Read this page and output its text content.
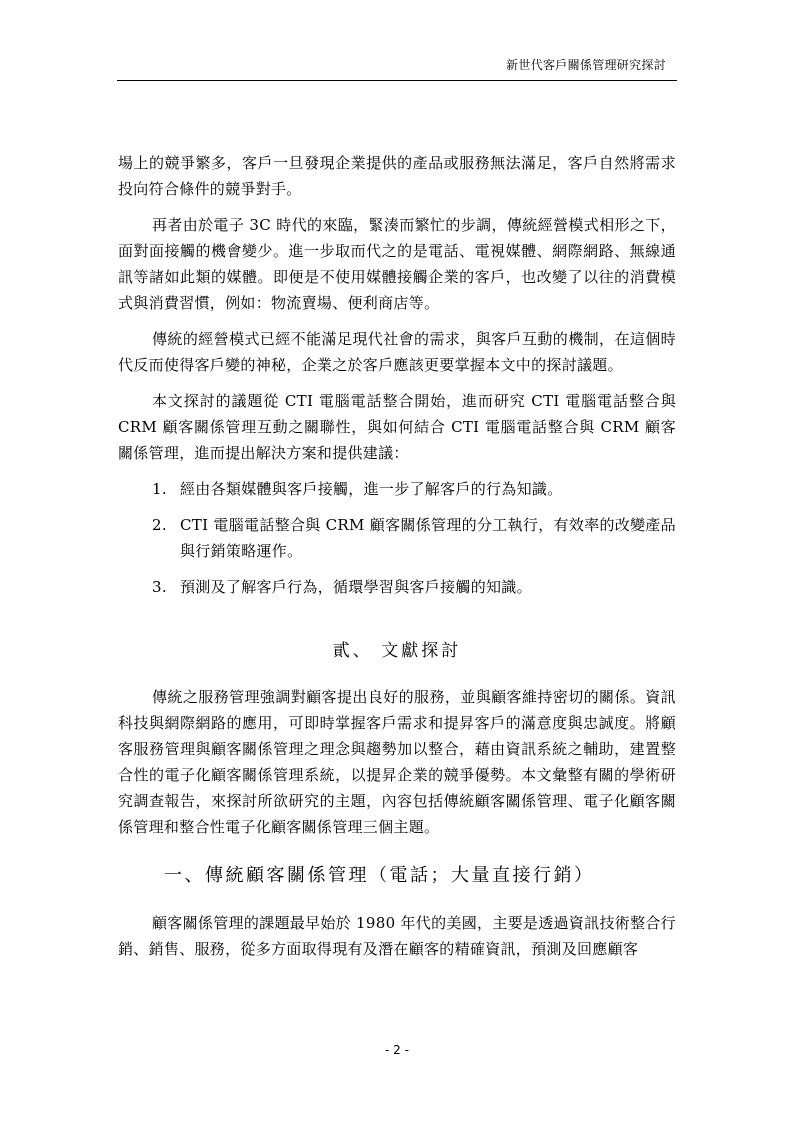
新世代客戶關係管理研究探討

場上的競爭繁多，客戶一旦發現企業提供的產品或服務無法滿足，客戶自然將需求投向符合條件的競爭對手。

再者由於電子 3C 時代的來臨，緊湊而繁忙的步調，傳統經營模式相形之下，面對面接觸的機會變少。進一步取而代之的是電話、電視媒體、網際網路、無線通訊等諸如此類的媒體。即便是不使用媒體接觸企業的客戶，也改變了以往的消費模式與消費習慣，例如：物流賣場、便利商店等。

傳統的經營模式已經不能滿足現代社會的需求，與客戶互動的機制，在這個時代反而使得客戶變的神秘，企業之於客戶應該更要掌握本文中的探討議題。

本文探討的議題從 CTI 電腦電話整合開始，進而研究 CTI 電腦電話整合與 CRM 顧客關係管理互動之關聯性，與如何結合 CTI 電腦電話整合與 CRM 顧客關係管理，進而提出解決方案和提供建議：

1. 經由各類媒體與客戶接觸，進一步了解客戶的行為知識。
2. CTI 電腦電話整合與 CRM 顧客關係管理的分工執行，有效率的改變產品與行銷策略運作。
3. 預測及了解客戶行為，循環學習與客戶接觸的知識。
貳、 文獻探討

傳統之服務管理強調對顧客提出良好的服務，並與顧客維持密切的關係。資訊科技與網際網路的應用，可即時掌握客戶需求和提昇客戶的滿意度與忠誠度。將顧客服務管理與顧客關係管理之理念與趨勢加以整合，藉由資訊系統之輔助，建置整合性的電子化顧客關係管理系統，以提昇企業的競爭優勢。本文彙整有關的學術研究調查報告，來探討所欲研究的主題，內容包括傳統顧客關係管理、電子化顧客關係管理和整合性電子化顧客關係管理三個主題。

一、傳統顧客關係管理（電話；大量直接行銷）

顧客關係管理的課題最早始於 1980 年代的美國，主要是透過資訊技術整合行銷、銷售、服務，從多方面取得現有及潛在顧客的精確資訊，預測及回應顧客

- 2 -
